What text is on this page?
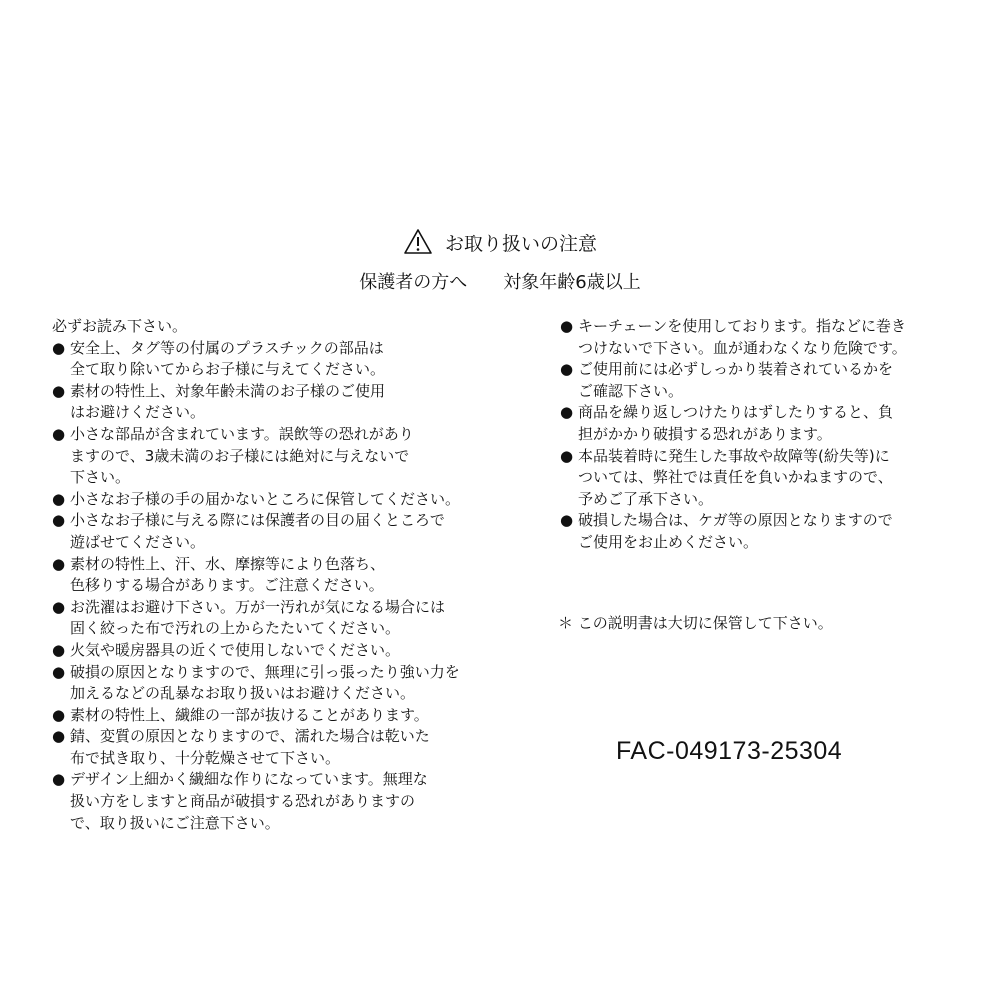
お取り扱いの注意
保護者の方へ 対象年齢6歳以上

必ずお読み下さい。

● 安全上、タグ等の付属のプラスチックの部品は
全て取り除いてからお子様に与えてください。
● 素材の特性上、対象年齢未満のお子様のご使用
はお避けください。
● 小さな部品が含まれています。誤飲等の恐れがあり
ますので、3歳未満のお子様には絶対に与えないで
下さい。
● 小さなお子様の手の届かないところに保管してください。
● 小さなお子様に与える際には保護者の目の届くところで
遊ばせてください。
● 素材の特性上、汗、水、摩擦等により色落ち、
色移りする場合があります。ご注意ください。
● お洗濯はお避け下さい。万が一汚れが気になる場合には
固く絞った布で汚れの上からたたいてください。
● 火気や暖房器具の近くで使用しないでください。
● 破損の原因となりますので、無理に引っ張ったり強い力を
加えるなどの乱暴なお取り扱いはお避けください。
● 素材の特性上、繊維の一部が抜けることがあります。
● 錆、変質の原因となりますので、濡れた場合は乾いた
布で拭き取り、十分乾燥させて下さい。
● デザイン上細かく繊細な作りになっています。無理な
扱い方をしますと商品が破損する恐れがありますの
で、取り扱いにご注意下さい。
● キーチェーンを使用しております。指などに巻き
つけないで下さい。血が通わなくなり危険です。
● ご使用前には必ずしっかり装着されているかを
ご確認下さい。
● 商品を繰り返しつけたりはずしたりすると、負
担がかかり破損する恐れがあります。
● 本品装着時に発生した事故や故障等(紛失等)に
ついては、弊社では責任を負いかねますので、
予めご了承下さい。
● 破損した場合は、ケガ等の原因となりますので
ご使用をお止めください。
＊ この説明書は大切に保管して下さい。
FAC-049173-25304
